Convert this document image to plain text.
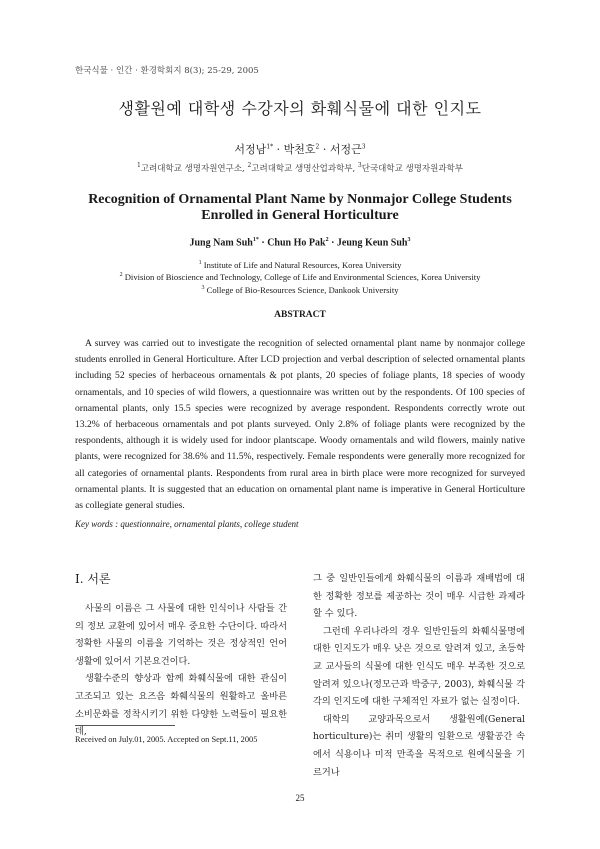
한국식물 · 인간 · 환경학회지 8(3); 25-29, 2005
생활원예 대학생 수강자의 화훼식물에 대한 인지도
서정남$^{1*}$ · 박천호$^2$ · 서정근$^3$
$^1$고려대학교 생명자원연구소, $^2$고려대학교 생명산업과학부, $^3$단국대학교 생명자원과학부
Recognition of Ornamental Plant Name by Nonmajor College Students Enrolled in General Horticulture
Jung Nam Suh$^{1*}$ · Chun Ho Pak$^2$ · Jeung Keun Suh$^3$
$^1$ Institute of Life and Natural Resources, Korea University
$^2$ Division of Bioscience and Technology, College of Life and Environmental Sciences, Korea University
$^3$ College of Bio-Resources Science, Dankook University
ABSTRACT
A survey was carried out to investigate the recognition of selected ornamental plant name by nonmajor college students enrolled in General Horticulture. After LCD projection and verbal description of selected ornamental plants including 52 species of herbaceous ornamentals & pot plants, 20 species of foliage plants, 18 species of woody ornamentals, and 10 species of wild flowers, a questionnaire was written out by the respondents. Of 100 species of ornamental plants, only 15.5 species were recognized by average respondent. Respondents correctly wrote out 13.2% of herbaceous ornamentals and pot plants surveyed. Only 2.8% of foliage plants were recognized by the respondents, although it is widely used for indoor plantscape. Woody ornamentals and wild flowers, mainly native plants, were recognized for 38.6% and 11.5%, respectively. Female respondents were generally more recognized for all categories of ornamental plants. Respondents from rural area in birth place were more recognized for surveyed ornamental plants. It is suggested that an education on ornamental plant name is imperative in General Horticulture as collegiate general studies.
Key words : questionnaire, ornamental plants, college student
I. 서론

사물의 이름은 그 사물에 대한 인식이나 사람들 간의 정보 교환에 있어서 매우 중요한 수단이다. 따라서 정확한 사물의 이름을 기억하는 것은 정상적인 언어생활에 있어서 기본요건이다.

생활수준의 향상과 함께 화훼식물에 대한 관심이 고조되고 있는 요즈음 화훼식물의 원활하고 올바른 소비문화를 정착시키기 위한 다양한 노력들이 필요한데,

그 중 일반인들에게 화훼식물의 이름과 재배법에 대한 정확한 정보를 제공하는 것이 매우 시급한 과제라 할 수 있다.

그런데 우리나라의 경우 일반인들의 화훼식물명에 대한 인지도가 매우 낮은 것으로 알려져 있고, 초등학교 교사들의 식물에 대한 인식도 매우 부족한 것으로 알려져 있으나(정모근과 박중구, 2003), 화훼식물 각각의 인지도에 대한 구체적인 자료가 없는 실정이다.

대학의 교양과목으로서 생활원예(General horticulture)는 취미 생활의 일환으로 생활공간 속에서 식용이나 미적 만족을 목적으로 원예식물을 기르거나

Received on July.01, 2005. Accepted on Sept.11, 2005
25
